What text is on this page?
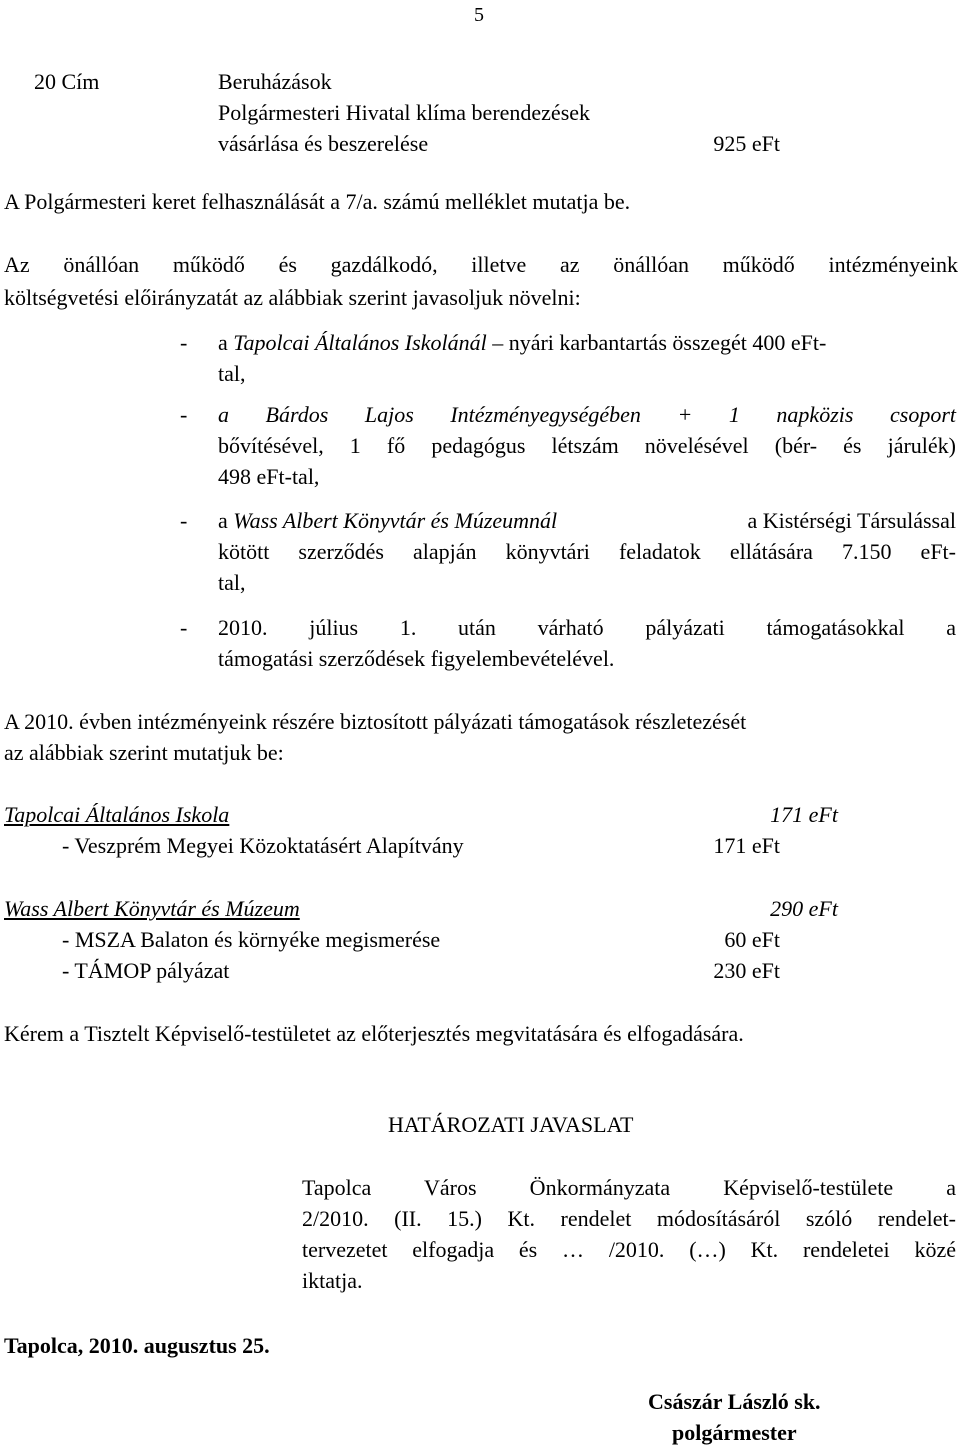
5
20 Cím	Beruházások
Polgármesteri Hivatal klíma berendezések
vásárlása és beszerelése	925 eFt
A Polgármesteri keret felhasználását a 7/a. számú melléklet mutatja be.
Az önállóan működő és gazdálkodó, illetve az önállóan működő intézményeink
költségvetési előirányzatát az alábbiak szerint javasoljuk növelni:
- a Tapolcai Általános Iskolánál – nyári karbantartás összegét 400 eFt-
tal,
- a Bárdos Lajos Intézményegységében + 1 napközis csoport
bővítésével, 1 fő pedagógus létszám növelésével (bér- és járulék)
498 eFt-tal,
- a Wass Albert Könyvtár és Múzeumnál	a Kistérségi Társulással
kötött szerződés alapján könyvtári feladatok ellátására 7.150 eFt-
tal,
- 2010. július 1. után várható pályázati támogatásokkal a
támogatási szerződések figyelembevételével.
A 2010. évben intézményeink részére biztosított pályázati támogatások részletezését
az alábbiak szerint mutatjuk be:
Tapolcai Általános Iskola	171 eFt
- Veszprém Megyei Közoktatásért Alapítvány	171 eFt
Wass Albert Könyvtár és Múzeum	290 eFt
- MSZA Balaton és környéke megismerése	60 eFt
- TÁMOP pályázat	230 eFt
Kérem a Tisztelt Képviselő-testületet az előterjesztés megvitatására és elfogadására.
HATÁROZATI JAVASLAT
Tapolca Város Önkormányzata Képviselő-testülete a
2/2010. (II. 15.) Kt. rendelet módosításáról szóló rendelet-
tervezetet elfogadja és … /2010. (…) Kt. rendeletei közé
iktatja.
Tapolca, 2010. augusztus 25.
Császár László sk.
polgármester
